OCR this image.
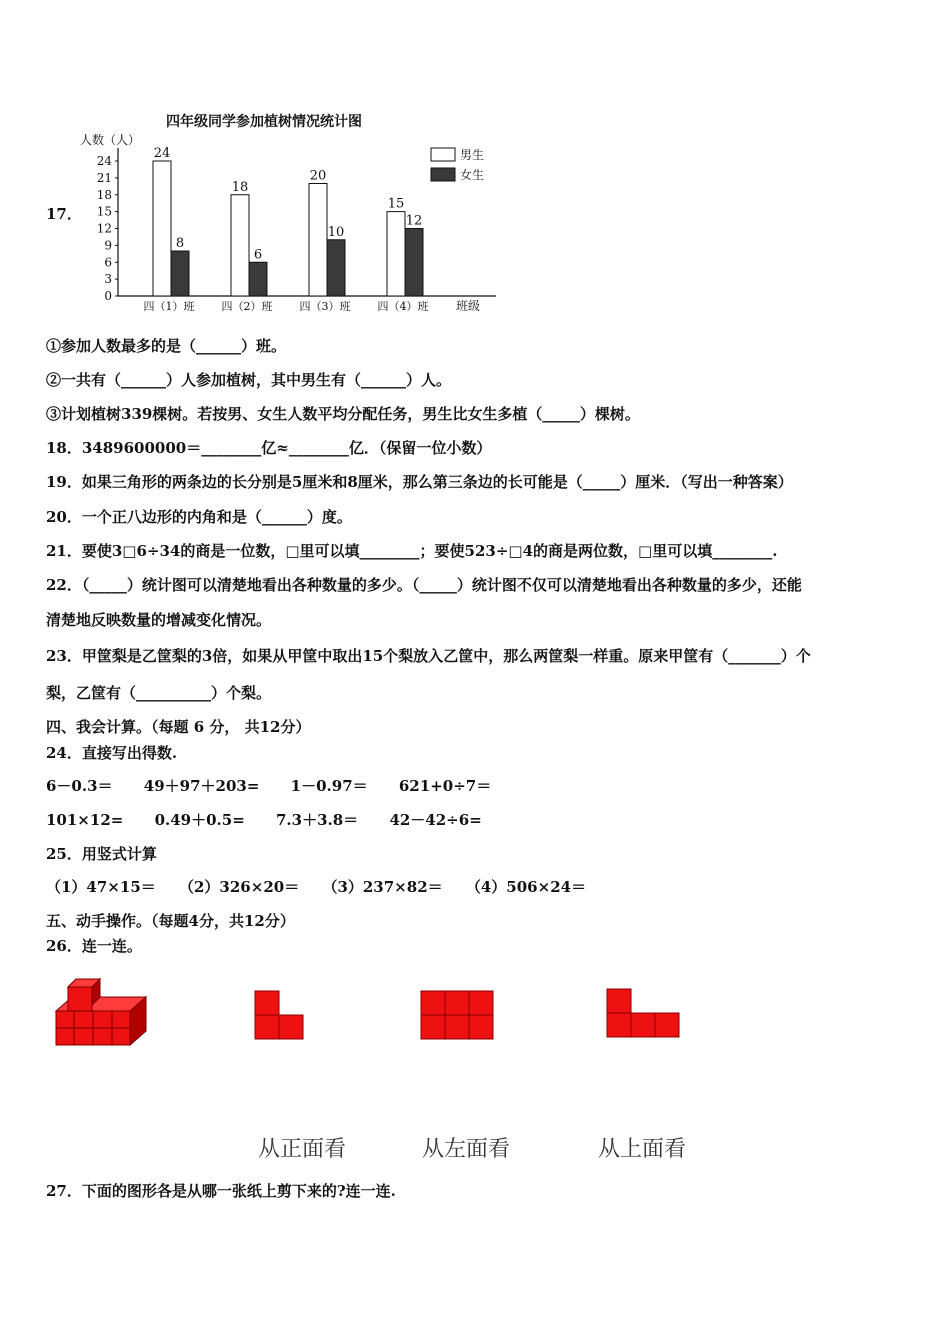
17．
四年级同学参加植树情况统计图
人数（人）
0
3
6
9
12
15
18
21
24	24
8
18
6
20
10
15
12
四（1）班 四（2）班 四（3）班 四（4）班
男生
女生
班级
①参加人数最多的是（______）班。
②一共有（______）人参加植树，其中男生有（______）人。
③计划植树339棵树。若按男、女生人数平均分配任务，男生比女生多植（_____）棵树。
18．3489600000＝________亿≈________亿．（保留一位小数）
19．如果三角形的两条边的长分别是5厘米和8厘米，那么第三条边的长可能是（_____）厘米．（写出一种答案）
20．一个正八边形的内角和是（______）度。
21．要使3□6÷34的商是一位数，□里可以填________；要使523÷□4的商是两位数，□里可以填________.
22．（_____）统计图可以清楚地看出各种数量的多少。（_____）统计图不仅可以清楚地看出各种数量的多少，还能
清楚地反映数量的增减变化情况。
23．甲筐梨是乙筐梨的3倍，如果从甲筐中取出15个梨放入乙筐中，那么两筐梨一样重。原来甲筐有（_______）个
梨，乙筐有（__________）个梨。
四、我会计算。（每题 6 分， 共12分）
24．直接写出得数.
6－0.3＝ 49＋97＋203= 1－0.97＝ 621+0÷7＝
101×12= 0.49＋0.5= 7.3＋3.8＝ 42－42÷6=
25．用竖式计算
（1）47×15＝ （2）326×20＝ （3）237×82＝ （4）506×24＝
五、动手操作。（每题4分，共12分）
26．连一连。
从正面看	从左面看	从上面看
27．下面的图形各是从哪一张纸上剪下来的?连一连.
